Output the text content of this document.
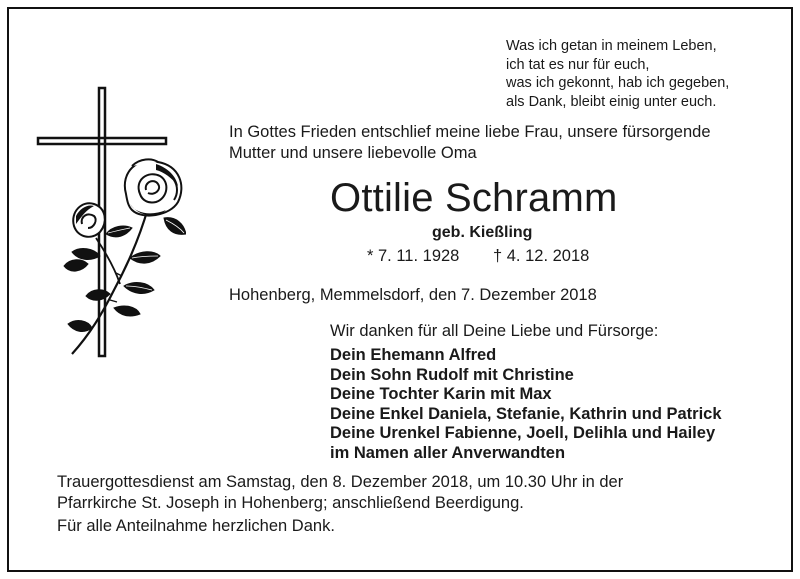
Was ich getan in meinem Leben,
ich tat es nur für euch,
was ich gekonnt, hab ich gegeben,
als Dank, bleibt einig unter euch.
In Gottes Frieden entschlief meine liebe Frau, unsere fürsorgende
Mutter und unsere liebevolle Oma
Ottilie Schramm
geb. Kießling
* 7. 11. 1928 † 4. 12. 2018
Hohenberg, Memmelsdorf, den 7. Dezember 2018
Wir danken für all Deine Liebe und Fürsorge:
Dein Ehemann Alfred
Dein Sohn Rudolf mit Christine
Deine Tochter Karin mit Max
Deine Enkel Daniela, Stefanie, Kathrin und Patrick
Deine Urenkel Fabienne, Joell, Delihla und Hailey
im Namen aller Anverwandten
Trauergottesdienst am Samstag, den 8. Dezember 2018, um 10.30 Uhr in der
Pfarrkirche St. Joseph in Hohenberg; anschließend Beerdigung.
Für alle Anteilnahme herzlichen Dank.
